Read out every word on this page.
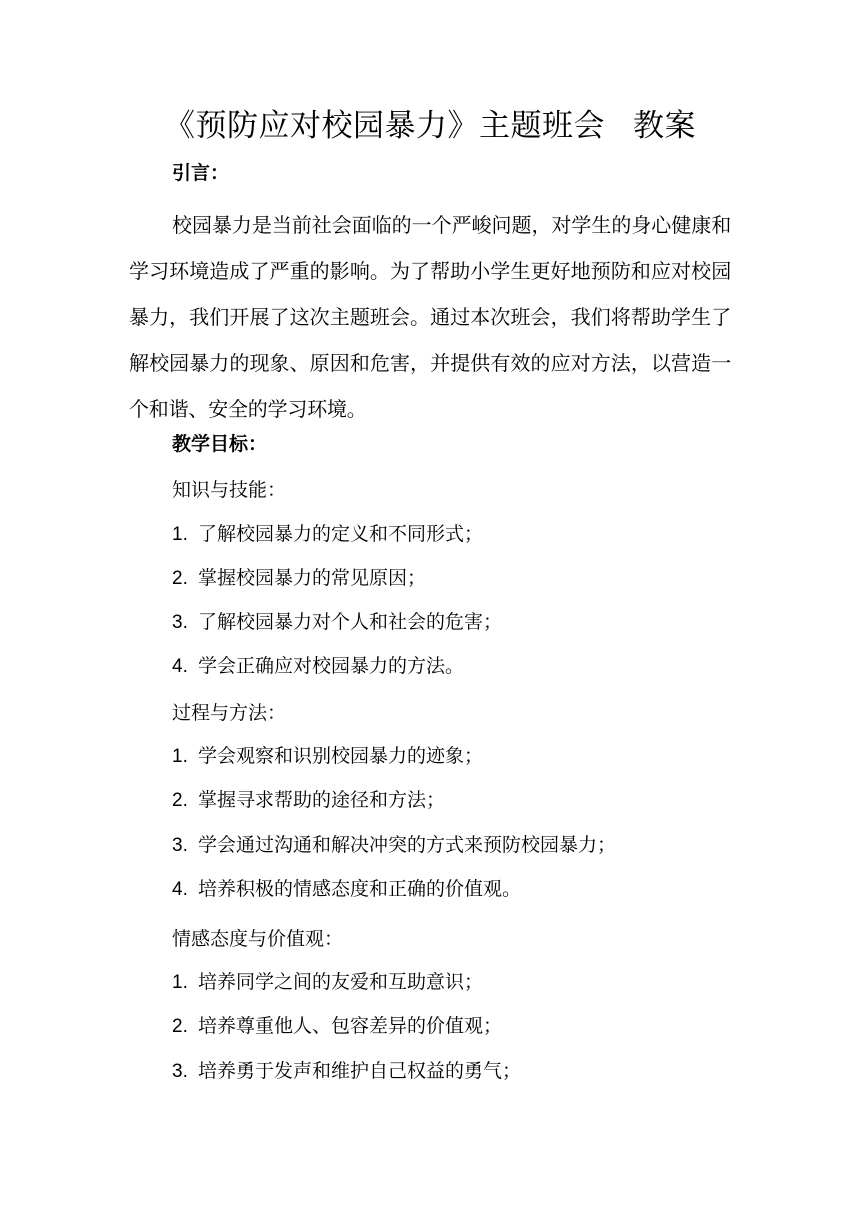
《预防应对校园暴力》主题班会 教案
引言：

校园暴力是当前社会面临的一个严峻问题，对学生的身心健康和学习环境造成了严重的影响。为了帮助小学生更好地预防和应对校园暴力，我们开展了这次主题班会。通过本次班会，我们将帮助学生了解校园暴力的现象、原因和危害，并提供有效的应对方法，以营造一个和谐、安全的学习环境。

教学目标：
知识与技能：
1. 了解校园暴力的定义和不同形式；
2. 掌握校园暴力的常见原因；
3. 了解校园暴力对个人和社会的危害；
4. 学会正确应对校园暴力的方法。
过程与方法：
1. 学会观察和识别校园暴力的迹象；
2. 掌握寻求帮助的途径和方法；
3. 学会通过沟通和解决冲突的方式来预防校园暴力；
4. 培养积极的情感态度和正确的价值观。
情感态度与价值观：
1. 培养同学之间的友爱和互助意识；
2. 培养尊重他人、包容差异的价值观；
3. 培养勇于发声和维护自己权益的勇气；
